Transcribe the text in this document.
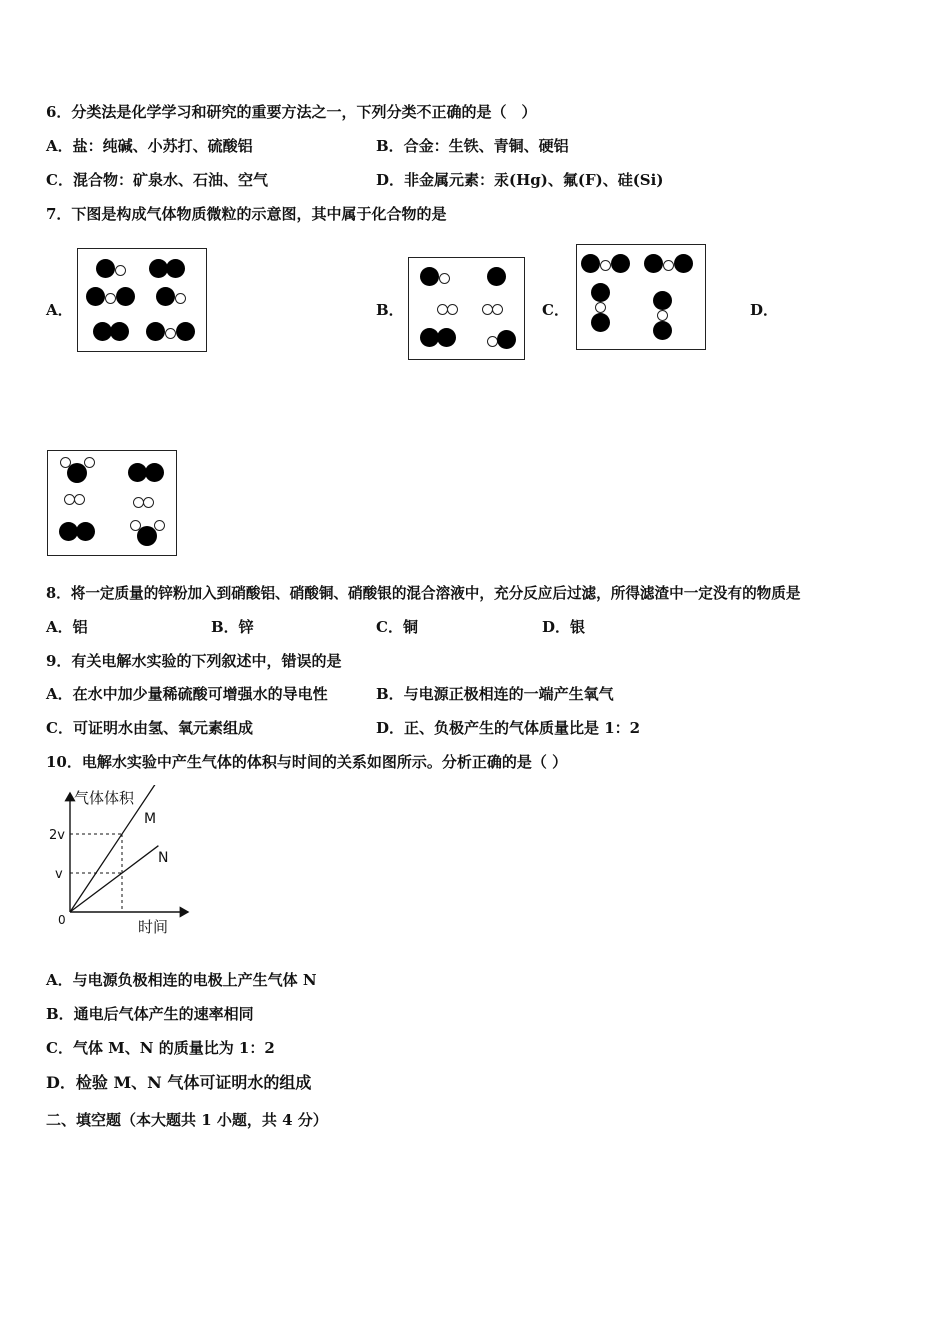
6．分类法是化学学习和研究的重要方法之一，下列分类不正确的是（　）
A．盐：纯碱、小苏打、硫酸铝	B．合金：生铁、青铜、硬铝
C．混合物：矿泉水、石油、空气	D．非金属元素：汞(Hg)、氟(F)、硅(Si)
7．下图是构成气体物质微粒的示意图，其中属于化合物的是
A．	B．	C．	D．
8．将一定质量的锌粉加入到硝酸铝、硝酸铜、硝酸银的混合溶液中，充分反应后过滤，所得滤渣中一定没有的物质是
A．铝	B．锌	C．铜	D．银
9．有关电解水实验的下列叙述中，错误的是
A．在水中加少量稀硫酸可增强水的导电性	B．与电源正极相连的一端产生氧气
C．可证明水由氢、氧元素组成	D．正、负极产生的气体质量比是 1：2
10．电解水实验中产生气体的体积与时间的关系如图所示。分析正确的是（ ）
气体体积
时间
0
2v
v
M
N
A．与电源负极相连的电极上产生气体 N
B．通电后气体产生的速率相同
C．气体 M、N 的质量比为 1：2
D．检验 M、N 气体可证明水的组成
二、填空题（本大题共 1 小题，共 4 分）
